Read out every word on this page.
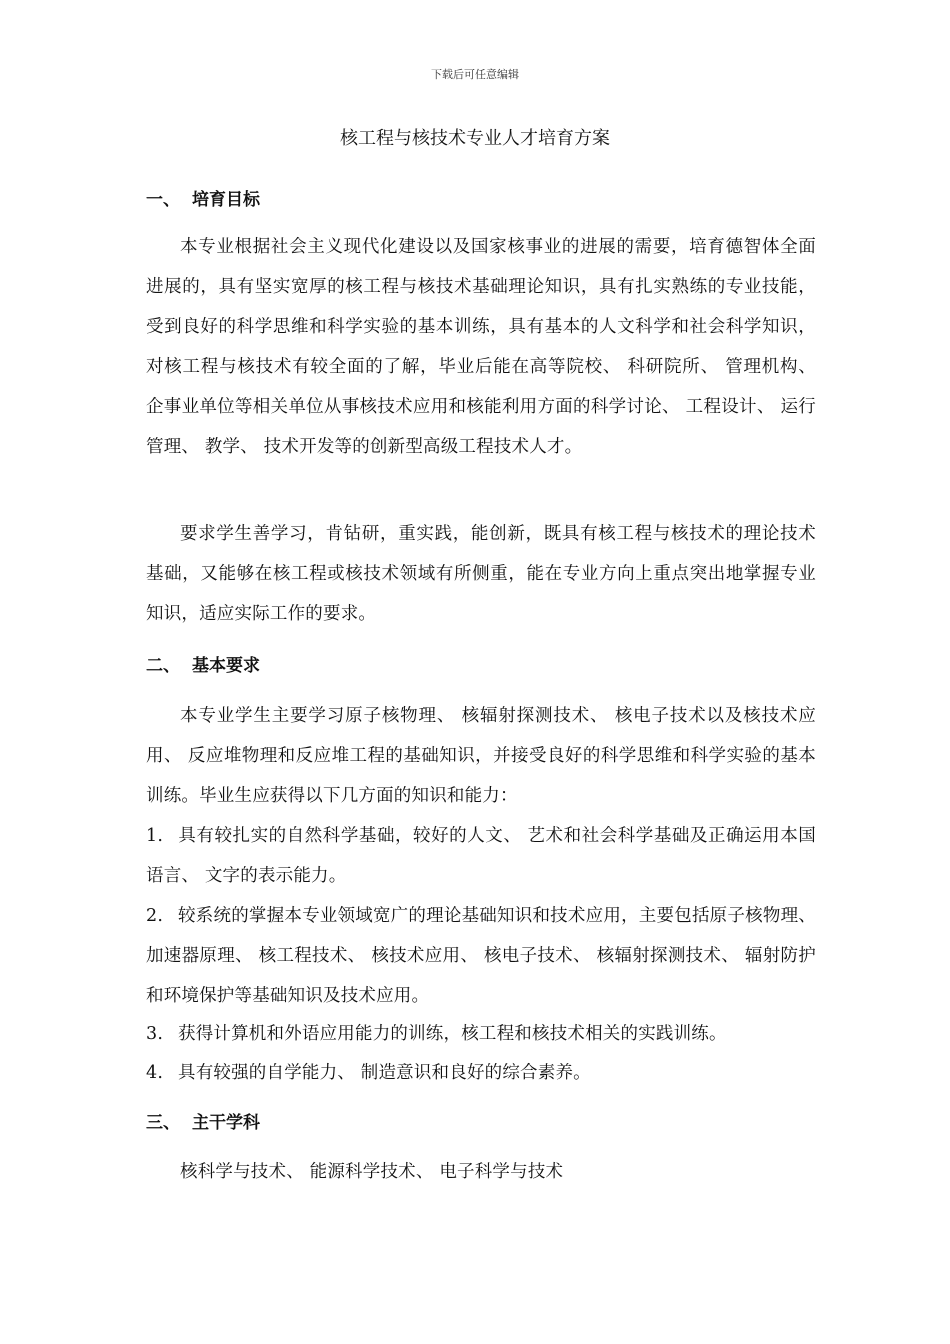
下载后可任意编辑
核工程与核技术专业人才培育方案
一、 培育目标
本专业根据社会主义现代化建设以及国家核事业的进展的需要，培育德智体全面进展的，具有坚实宽厚的核工程与核技术基础理论知识，具有扎实熟练的专业技能，受到良好的科学思维和科学实验的基本训练，具有基本的人文科学和社会科学知识，对核工程与核技术有较全面的了解，毕业后能在高等院校、 科研院所、 管理机构、 企事业单位等相关单位从事核技术应用和核能利用方面的科学讨论、 工程设计、 运行管理、 教学、 技术开发等的创新型高级工程技术人才。
要求学生善学习，肯钻研，重实践，能创新，既具有核工程与核技术的理论技术基础，又能够在核工程或核技术领域有所侧重，能在专业方向上重点突出地掌握专业知识，适应实际工作的要求。
二、 基本要求
本专业学生主要学习原子核物理、 核辐射探测技术、 核电子技术以及核技术应用、 反应堆物理和反应堆工程的基础知识，并接受良好的科学思维和科学实验的基本训练。毕业生应获得以下几方面的知识和能力：
1. 具有较扎实的自然科学基础，较好的人文、 艺术和社会科学基础及正确运用本国语言、 文字的表示能力。
2. 较系统的掌握本专业领域宽广的理论基础知识和技术应用，主要包括原子核物理、 加速器原理、 核工程技术、 核技术应用、 核电子技术、 核辐射探测技术、 辐射防护和环境保护等基础知识及技术应用。
3. 获得计算机和外语应用能力的训练，核工程和核技术相关的实践训练。
4. 具有较强的自学能力、 制造意识和良好的综合素养。
三、 主干学科
核科学与技术、 能源科学技术、 电子科学与技术
